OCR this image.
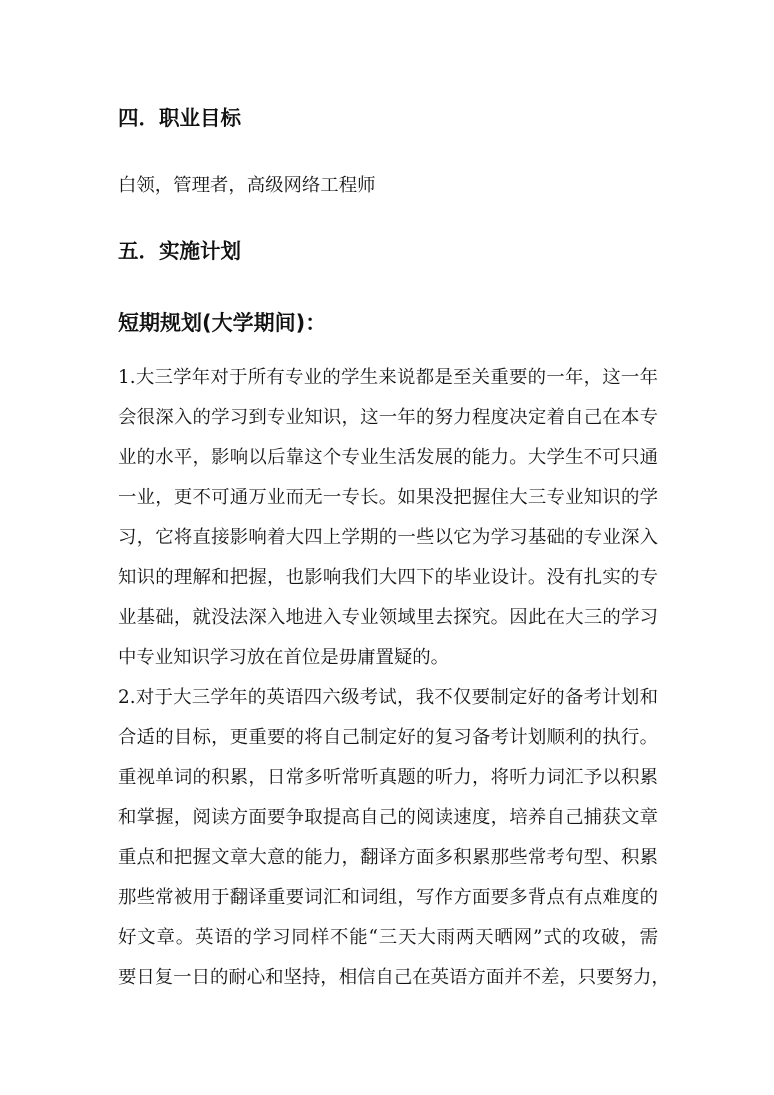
四．职业目标
白领，管理者，高级网络工程师
五．实施计划
短期规划(大学期间)：
1.大三学年对于所有专业的学生来说都是至关重要的一年，这一年
会很深入的学习到专业知识，这一年的努力程度决定着自己在本专
业的水平，影响以后靠这个专业生活发展的能力。大学生不可只通
一业，更不可通万业而无一专长。如果没把握住大三专业知识的学
习，它将直接影响着大四上学期的一些以它为学习基础的专业深入
知识的理解和把握，也影响我们大四下的毕业设计。没有扎实的专
业基础，就没法深入地进入专业领域里去探究。因此在大三的学习
中专业知识学习放在首位是毋庸置疑的。
2.对于大三学年的英语四六级考试，我不仅要制定好的备考计划和
合适的目标，更重要的将自己制定好的复习备考计划顺利的执行。
重视单词的积累，日常多听常听真题的听力，将听力词汇予以积累
和掌握，阅读方面要争取提高自己的阅读速度，培养自己捕获文章
重点和把握文章大意的能力，翻译方面多积累那些常考句型、积累
那些常被用于翻译重要词汇和词组，写作方面要多背点有点难度的
好文章。英语的学习同样不能“三天大雨两天晒网”式的攻破，需
要日复一日的耐心和坚持，相信自己在英语方面并不差，只要努力，
